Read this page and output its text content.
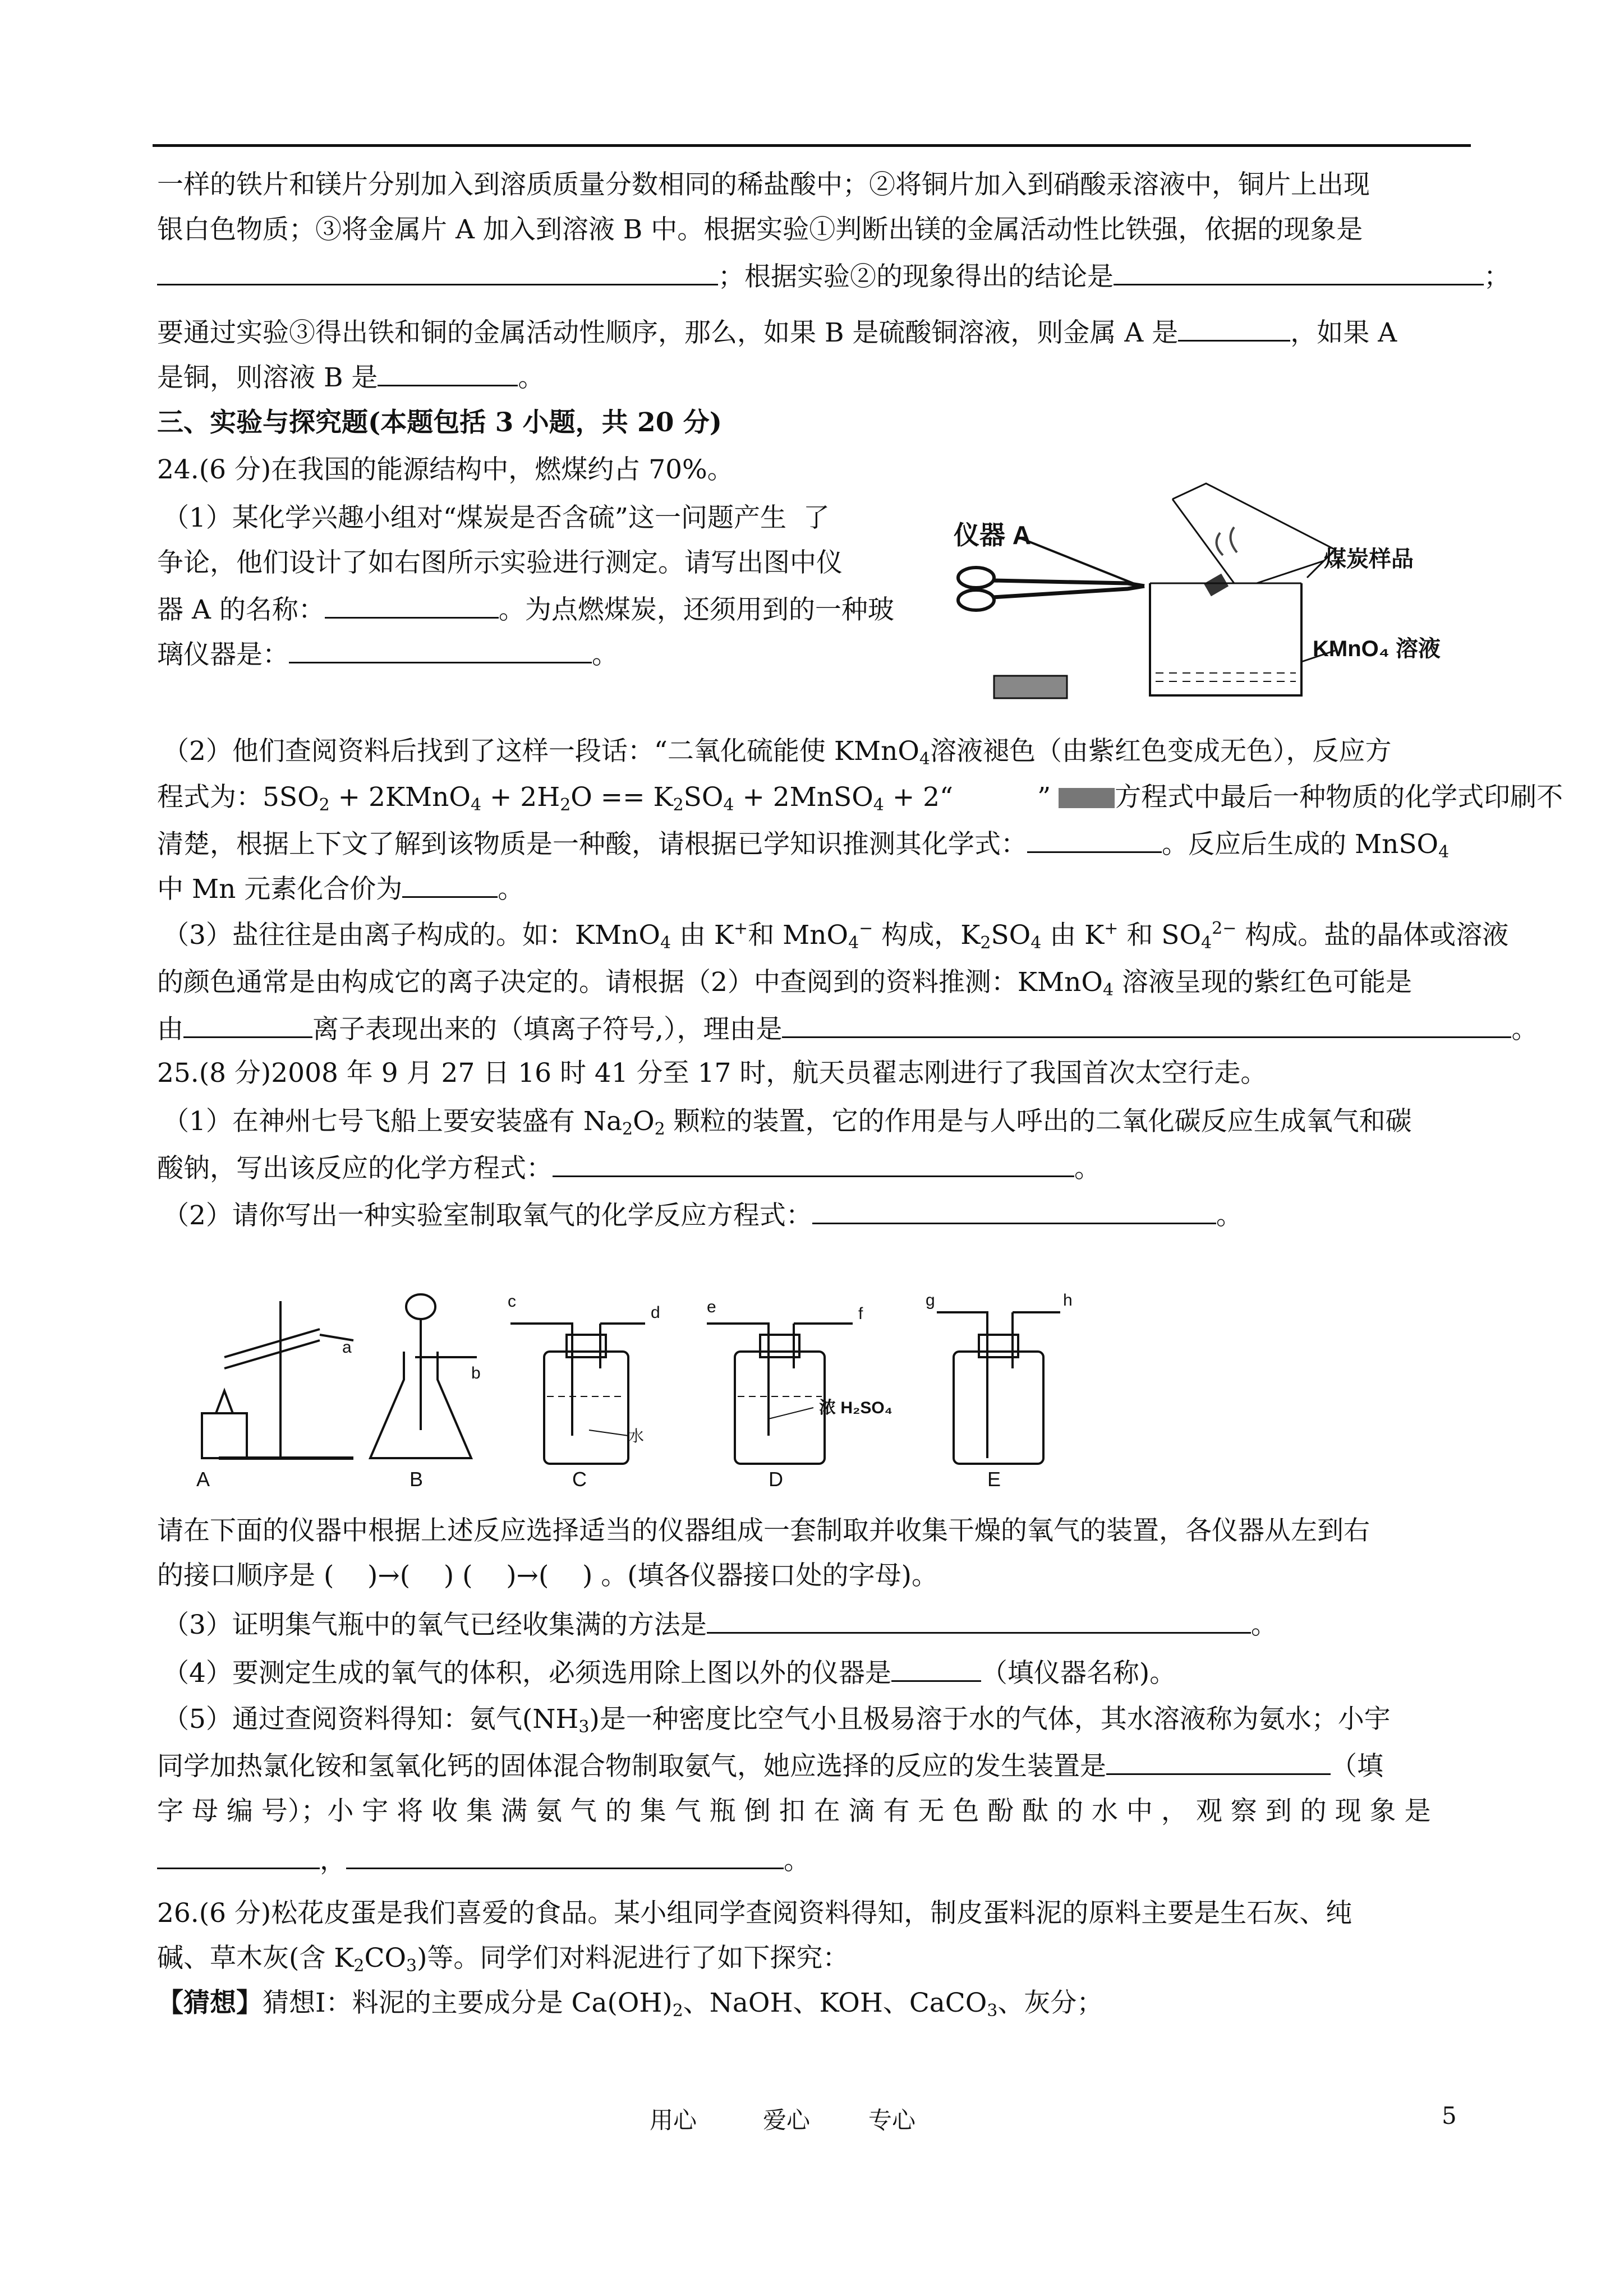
一样的铁片和镁片分别加入到溶质质量分数相同的稀盐酸中；②将铜片加入到硝酸汞溶液中，铜片上出现
银白色物质；③将金属片 A 加入到溶液 B 中。根据实验①判断出镁的金属活动性比铁强，依据的现象是
；根据实验②的现象得出的结论是	；
要通过实验③得出铁和铜的金属活动性顺序，那么，如果 B 是硫酸铜溶液，则金属 A 是	，如果 A
是铜，则溶液 B 是	。
三、实验与探究题(本题包括 3 小题，共 20 分)
24.(6 分)在我国的能源结构中，燃煤约占 70%。
（1）某化学兴趣小组对“煤炭是否含硫”这一问题产生  了
争论，他们设计了如右图所示实验进行测定。请写出图中仪
器 A 的名称：	。为点燃煤炭，还须用到的一种玻
璃仪器是：	。
仪器 A
煤炭样品
KMnO₄ 溶液
（2）他们查阅资料后找到了这样一段话：“二氧化硫能使 KMnO$_4$溶液褪色（由紫红色变成无色），反应方
程式为：$5SO_2$ + 2KMnO$_4$ + $2H_2O == K_2SO_4$ + 2MnSO$_4$ + 2“	” 方程式中最后一种物质的化学式印刷不
清楚，根据上下文了解到该物质是一种酸，请根据已学知识推测其化学式：	。反应后生成的 MnSO$_4$
中 Mn 元素化合价为	。
（3）盐往往是由离子构成的。如：KMnO$_4$ 由 K+和 MnO$_4$− 构成，$K_2SO_4$ 由 K+ 和 $SO_4^{2-}$ 构成。盐的晶体或溶液
的颜色通常是由构成它的离子决定的。请根据（2）中查阅到的资料推测：KMnO$_4$ 溶液呈现的紫红色可能是
由	离子表现出来的（填离子符号,），理由是	。
25.(8 分)2008 年 9 月 27 日 16 时 41 分至 17 时，航天员翟志刚进行了我国首次太空行走。
（1）在神州七号飞船上要安装盛有 $Na_2O_2$ 颗粒的装置，它的作用是与人呼出的二氧化碳反应生成氧气和碳
酸钠，写出该反应的化学方程式：	。
（2）请你写出一种实验室制取氧气的化学反应方程式：	。
A
a
B
b
水
C
c
d
浓 H₂SO₄
D
e	f
E
g	h
请在下面的仪器中根据上述反应选择适当的仪器组成一套制取并收集干燥的氧气的装置，各仪器从左到右
的接口顺序是 (    )→(    ) (    )→(    ) 。(填各仪器接口处的字母)。
（3）证明集气瓶中的氧气已经收集满的方法是	。
（4）要测定生成的氧气的体积，必须选用除上图以外的仪器是	（填仪器名称)。
（5）通过查阅资料得知：氨气$(NH_3)$是一种密度比空气小且极易溶于水的气体，其水溶液称为氨水；小宇
同学加热氯化铵和氢氧化钙的固体混合物制取氨气，她应选择的反应的发生装置是	（填
字 母 编 号）；小 宇 将 收 集 满 氨 气 的 集 气 瓶 倒 扣 在 滴 有 无 色 酚 酞 的 水 中 ， 观 察 到 的 现 象 是
，	。
26.(6 分)松花皮蛋是我们喜爱的食品。某小组同学查阅资料得知，制皮蛋料泥的原料主要是生石灰、纯
碱、草木灰(含 $K_2CO_3$)等。同学们对料泥进行了如下探究：
【猜想】猜想Ⅰ：料泥的主要成分是 $Ca(OH)_2$、NaOH、KOH、CaCO$_3$、灰分；
用心	爱心 专心	5
